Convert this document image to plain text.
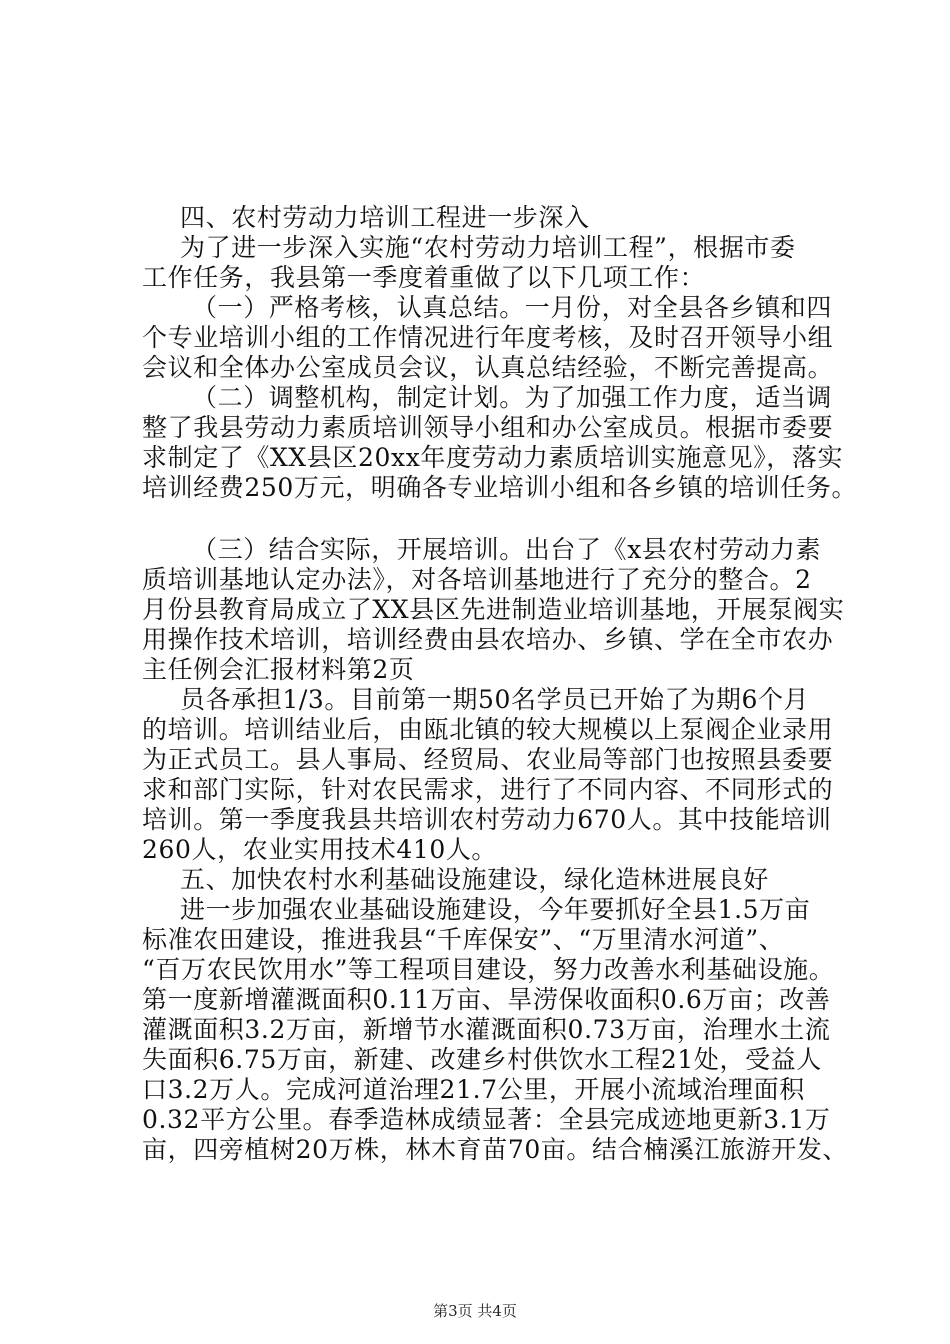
四、农村劳动力培训工程进一步深入
为了进一步深入实施“农村劳动力培训工程”，根据市委
工作任务，我县第一季度着重做了以下几项工作：
（一）严格考核，认真总结。一月份，对全县各乡镇和四
个专业培训小组的工作情况进行年度考核，及时召开领导小组
会议和全体办公室成员会议，认真总结经验，不断完善提高。
（二）调整机构，制定计划。为了加强工作力度，适当调
整了我县劳动力素质培训领导小组和办公室成员。根据市委要
求制定了《XX县区20xx年度劳动力素质培训实施意见》，落实
培训经费250万元，明确各专业培训小组和各乡镇的培训任务。
（三）结合实际，开展培训。出台了《x县农村劳动力素
质培训基地认定办法》，对各培训基地进行了充分的整合。2
月份县教育局成立了XX县区先进制造业培训基地，开展泵阀实
用操作技术培训，培训经费由县农培办、乡镇、学在全市农办
主任例会汇报材料第2页
员各承担1/3。目前第一期50名学员已开始了为期6个月
的培训。培训结业后，由瓯北镇的较大规模以上泵阀企业录用
为正式员工。县人事局、经贸局、农业局等部门也按照县委要
求和部门实际，针对农民需求，进行了不同内容、不同形式的
培训。第一季度我县共培训农村劳动力670人。其中技能培训
260人，农业实用技术410人。
五、加快农村水利基础设施建设，绿化造林进展良好
进一步加强农业基础设施建设，今年要抓好全县1.5万亩
标准农田建设，推进我县“千库保安”、“万里清水河道”、
“百万农民饮用水”等工程项目建设，努力改善水利基础设施。
第一度新增灌溉面积0.11万亩、旱涝保收面积0.6万亩；改善
灌溉面积3.2万亩，新增节水灌溉面积0.73万亩，治理水土流
失面积6.75万亩，新建、改建乡村供饮水工程21处，受益人
口3.2万人。完成河道治理21.7公里，开展小流域治理面积
0.32平方公里。春季造林成绩显著：全县完成迹地更新3.1万
亩，四旁植树20万株，林木育苗70亩。结合楠溪江旅游开发、
第3页 共4页
